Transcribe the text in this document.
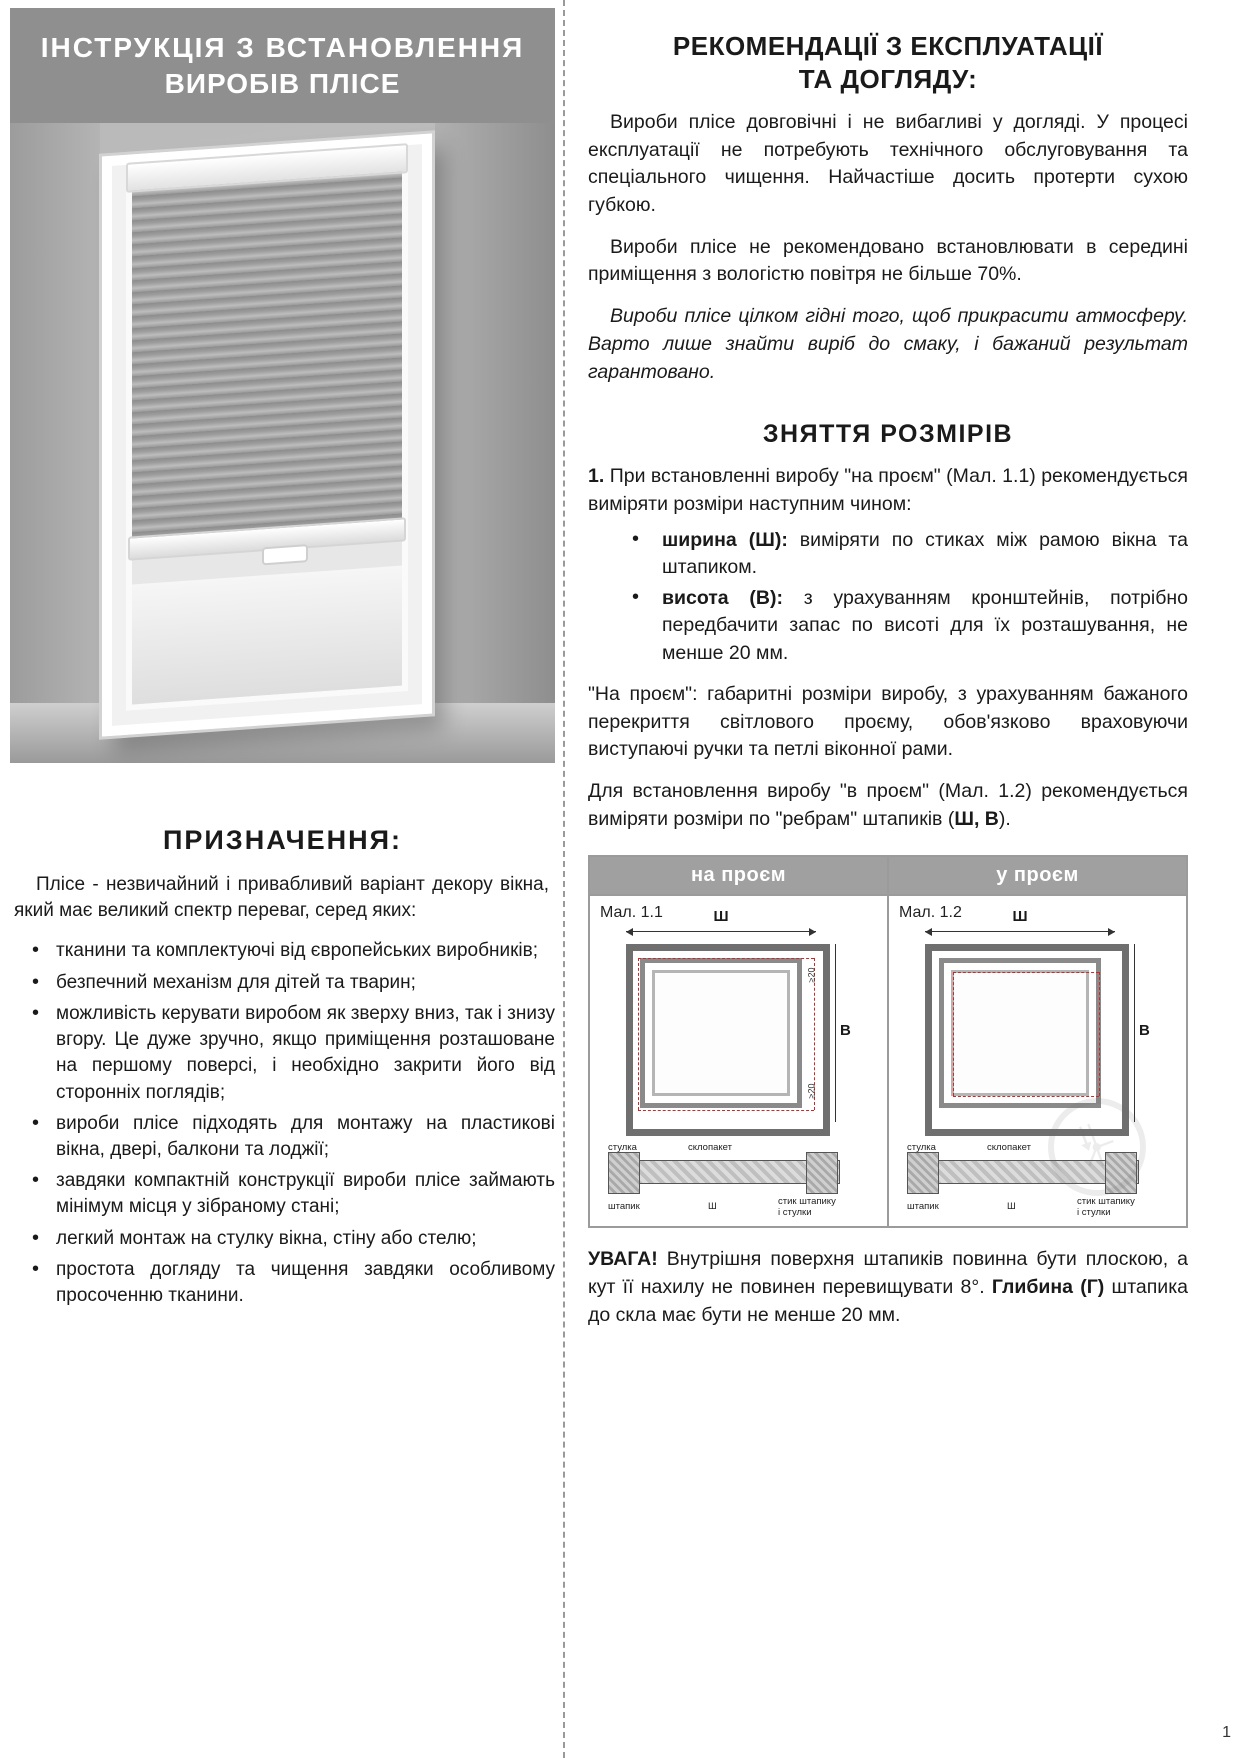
ІНСТРУКЦІЯ З ВСТАНОВЛЕННЯ
ВИРОБІВ ПЛІСЕ
ПРИЗНАЧЕННЯ:
Пліcе - незвичайний і привабливий варіант декору вікна, який має великий спектр переваг, серед яких:
• тканини та комплектуючі від європейських виробників;
• безпечний механізм для дітей та тварин;
• можливість керувати виробом як зверху вниз, так і знизу вгору. Це дуже зручно, якщо приміщення розташоване на першому поверсі, і необхідно закрити його від сторонніх поглядів;
• вироби пліcе підходять для монтажу на пластикові вікна, двері, балкони та лоджії;
• завдяки компактній конструкції вироби пліcе займають мінімум місця у зібраному стані;
• легкий монтаж на стулку вікна, стіну або стелю;
• простота догляду та чищення завдяки особливому просоченню тканини.
РЕКОМЕНДАЦІЇ З ЕКСПЛУАТАЦІЇ
ТА ДОГЛЯДУ:
Вироби пліcе довговічні і не вибагливі у догляді. У процесі експлуатації не потребують технічного обслуговування та спеціального чищення. Найчастіше досить протерти сухою губкою.
Вироби пліcе не рекомендовано встановлювати в середині приміщення з вологістю повітря не більше 70%.
Вироби пліcе цілком гідні того, щоб прикрасити атмосферу. Варто лише знайти виріб до смаку, і бажаний результат гарантовано.
ЗНЯТТЯ РОЗМІРІВ
1. При встановленні виробу "на проєм" (Мал. 1.1) рекомендується виміряти розміри наступним чином:
• ширина (Ш): виміряти по стиках між рамою вікна та штапиком.
• висота (В): з урахуванням кронштейнів, потрібно передбачити запас по висоті для їх розташування, не менше 20 мм.
"На проєм": габаритні розміри виробу, з урахуванням бажаного перекриття світлового проєму, обов'язково враховуючи виступаючі ручки та петлі віконної рами.
Для встановлення виробу "в проєм" (Мал. 1.2) рекомендується виміряти розміри по "ребрам" штапиків (Ш, В).
на проєм	у проєм

Мал. 1.1	Ш
≥20
≥20
В
стулка	склопакет
штапик	Ш	стик штапику і стулки

Мал. 1.2	Ш
В
стулка	склопакет
штапик	Ш	стик штапику і стулки
⏧
УВАГА! Внутрішня поверхня штапиків повинна бути плоскою, а кут її нахилу не повинен перевищувати 8°. Глибина (Г) штапика до скла має бути не менше 20 мм.
1
